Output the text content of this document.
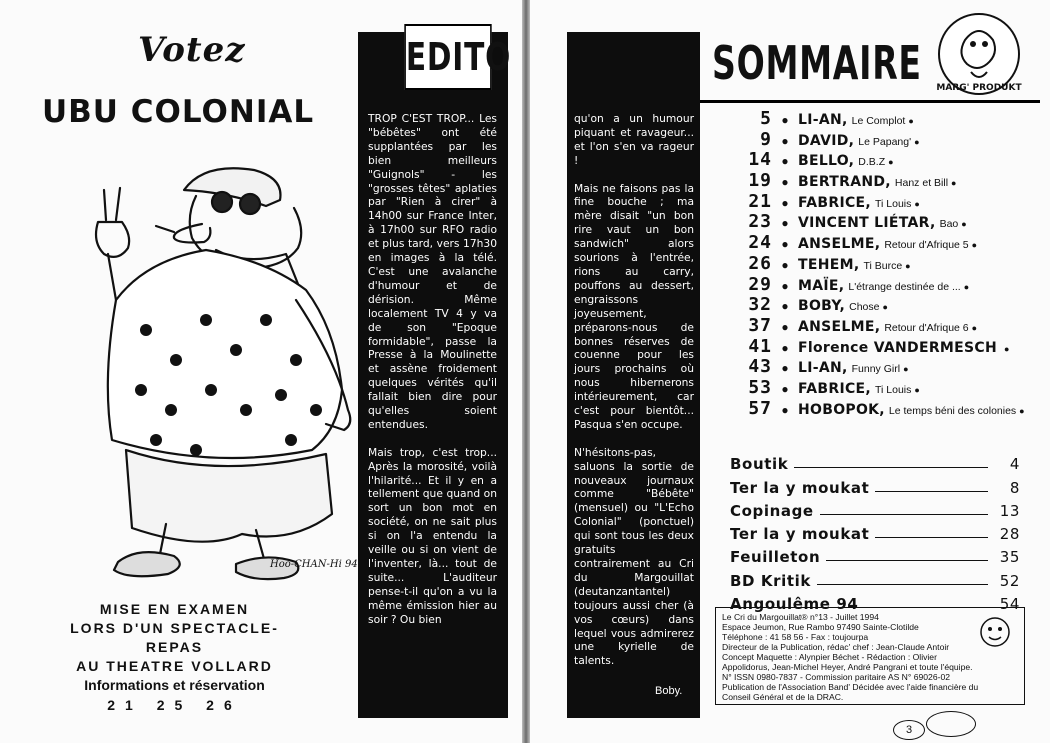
Votez
UBU COLONIAL
Hoo-CHAN-Hi 94
MISE EN EXAMEN
LORS D'UN SPECTACLE-REPAS
AU THEATRE VOLLARD
Informations et réservation
21 25 26
EDITO
TROP C'EST TROP... Les "bébêtes" ont été supplantées par les bien meilleurs "Guignols" - les "grosses têtes" aplaties par "Rien à cirer" à 14h00 sur France Inter, à 17h00 sur RFO radio et plus tard, vers 17h30 en images à la télé. C'est une avalanche d'humour et de dérision. Même localement TV 4 y va de son "Epoque formidable", passe la Presse à la Moulinette et assène froidement quelques vérités qu'il fallait bien dire pour qu'elles soient entendues.

Mais trop, c'est trop... Après la morosité, voilà l'hilarité... Et il y en a tellement que quand on sort un bon mot en société, on ne sait plus si on l'a entendu la veille ou si on vient de l'inventer, là... tout de suite... L'auditeur pense-t-il qu'on a vu la même émission hier au soir ? Ou bien
qu'on a un humour piquant et ravageur... et l'on s'en va rageur !

Mais ne faisons pas la fine bouche ; ma mère disait "un bon rire vaut un bon sandwich" alors sourions à l'entrée, rions au carry, pouffons au dessert, engraissons joyeusement, préparons-nous de bonnes réserves de couenne pour les jours prochains où nous hibernerons intérieurement, car c'est pour bientôt... Pasqua s'en occupe.

N'hésitons-pas, saluons la sortie de nouveaux journaux comme "Bébête" (mensuel) ou "L'Echo Colonial" (ponctuel) qui sont tous les deux gratuits contrairement au Cri du Margouillat (deutanzantantel) toujours aussi cher (à vos cœurs) dans lequel vous admirerez une kyrielle de talents.
Boby.
SOMMAIRE MARG' PRODUKT
5 ● LI-AN, Le Complot ●
9 ● DAVID, Le Papang' ●
14 ● BELLO, D.B.Z ●
19 ● BERTRAND, Hanz et Bill ●
21 ● FABRICE, Ti Louis ●
23 ● VINCENT LIÉTAR, Bao ●
24 ● ANSELME, Retour d'Afrique 5 ●
26 ● TEHEM, Ti Burce ●
29 ● MAÏE, L'étrange destinée de ... ●
32 ● BOBY, Chose ●
37 ● ANSELME, Retour d'Afrique 6 ●
41 ● Florence VANDERMESCH ●
43 ● LI-AN, Funny Girl ●
53 ● FABRICE, Ti Louis ●
57 ● HOBOPOK, Le temps béni des colonies ●
Boutik	4
Ter la y moukat	8
Copinage	13
Ter la y moukat	28
Feuilleton	35
BD Kritik	52
Angoulême 94	54
Le Cri du Margouillat® n°13 - Juillet 1994
Espace Jeumon, Rue Rambo 97490 Sainte-Clotilde
Téléphone : 41 58 56 - Fax : toujourpa
Directeur de la Publication, rédac' chef : Jean-Claude Antoir
Concept Maquette : Alynpier Béchet - Rédaction : Olivier
Appolidorus, Jean-Michel Heyer, André Pangrani et toute l'équipe.
N° ISSN 0980-7837 - Commission paritaire AS N° 69026-02
Publication de l'Association Band' Décidée avec l'aide financière du
Conseil Général et de la DRAC.
3
